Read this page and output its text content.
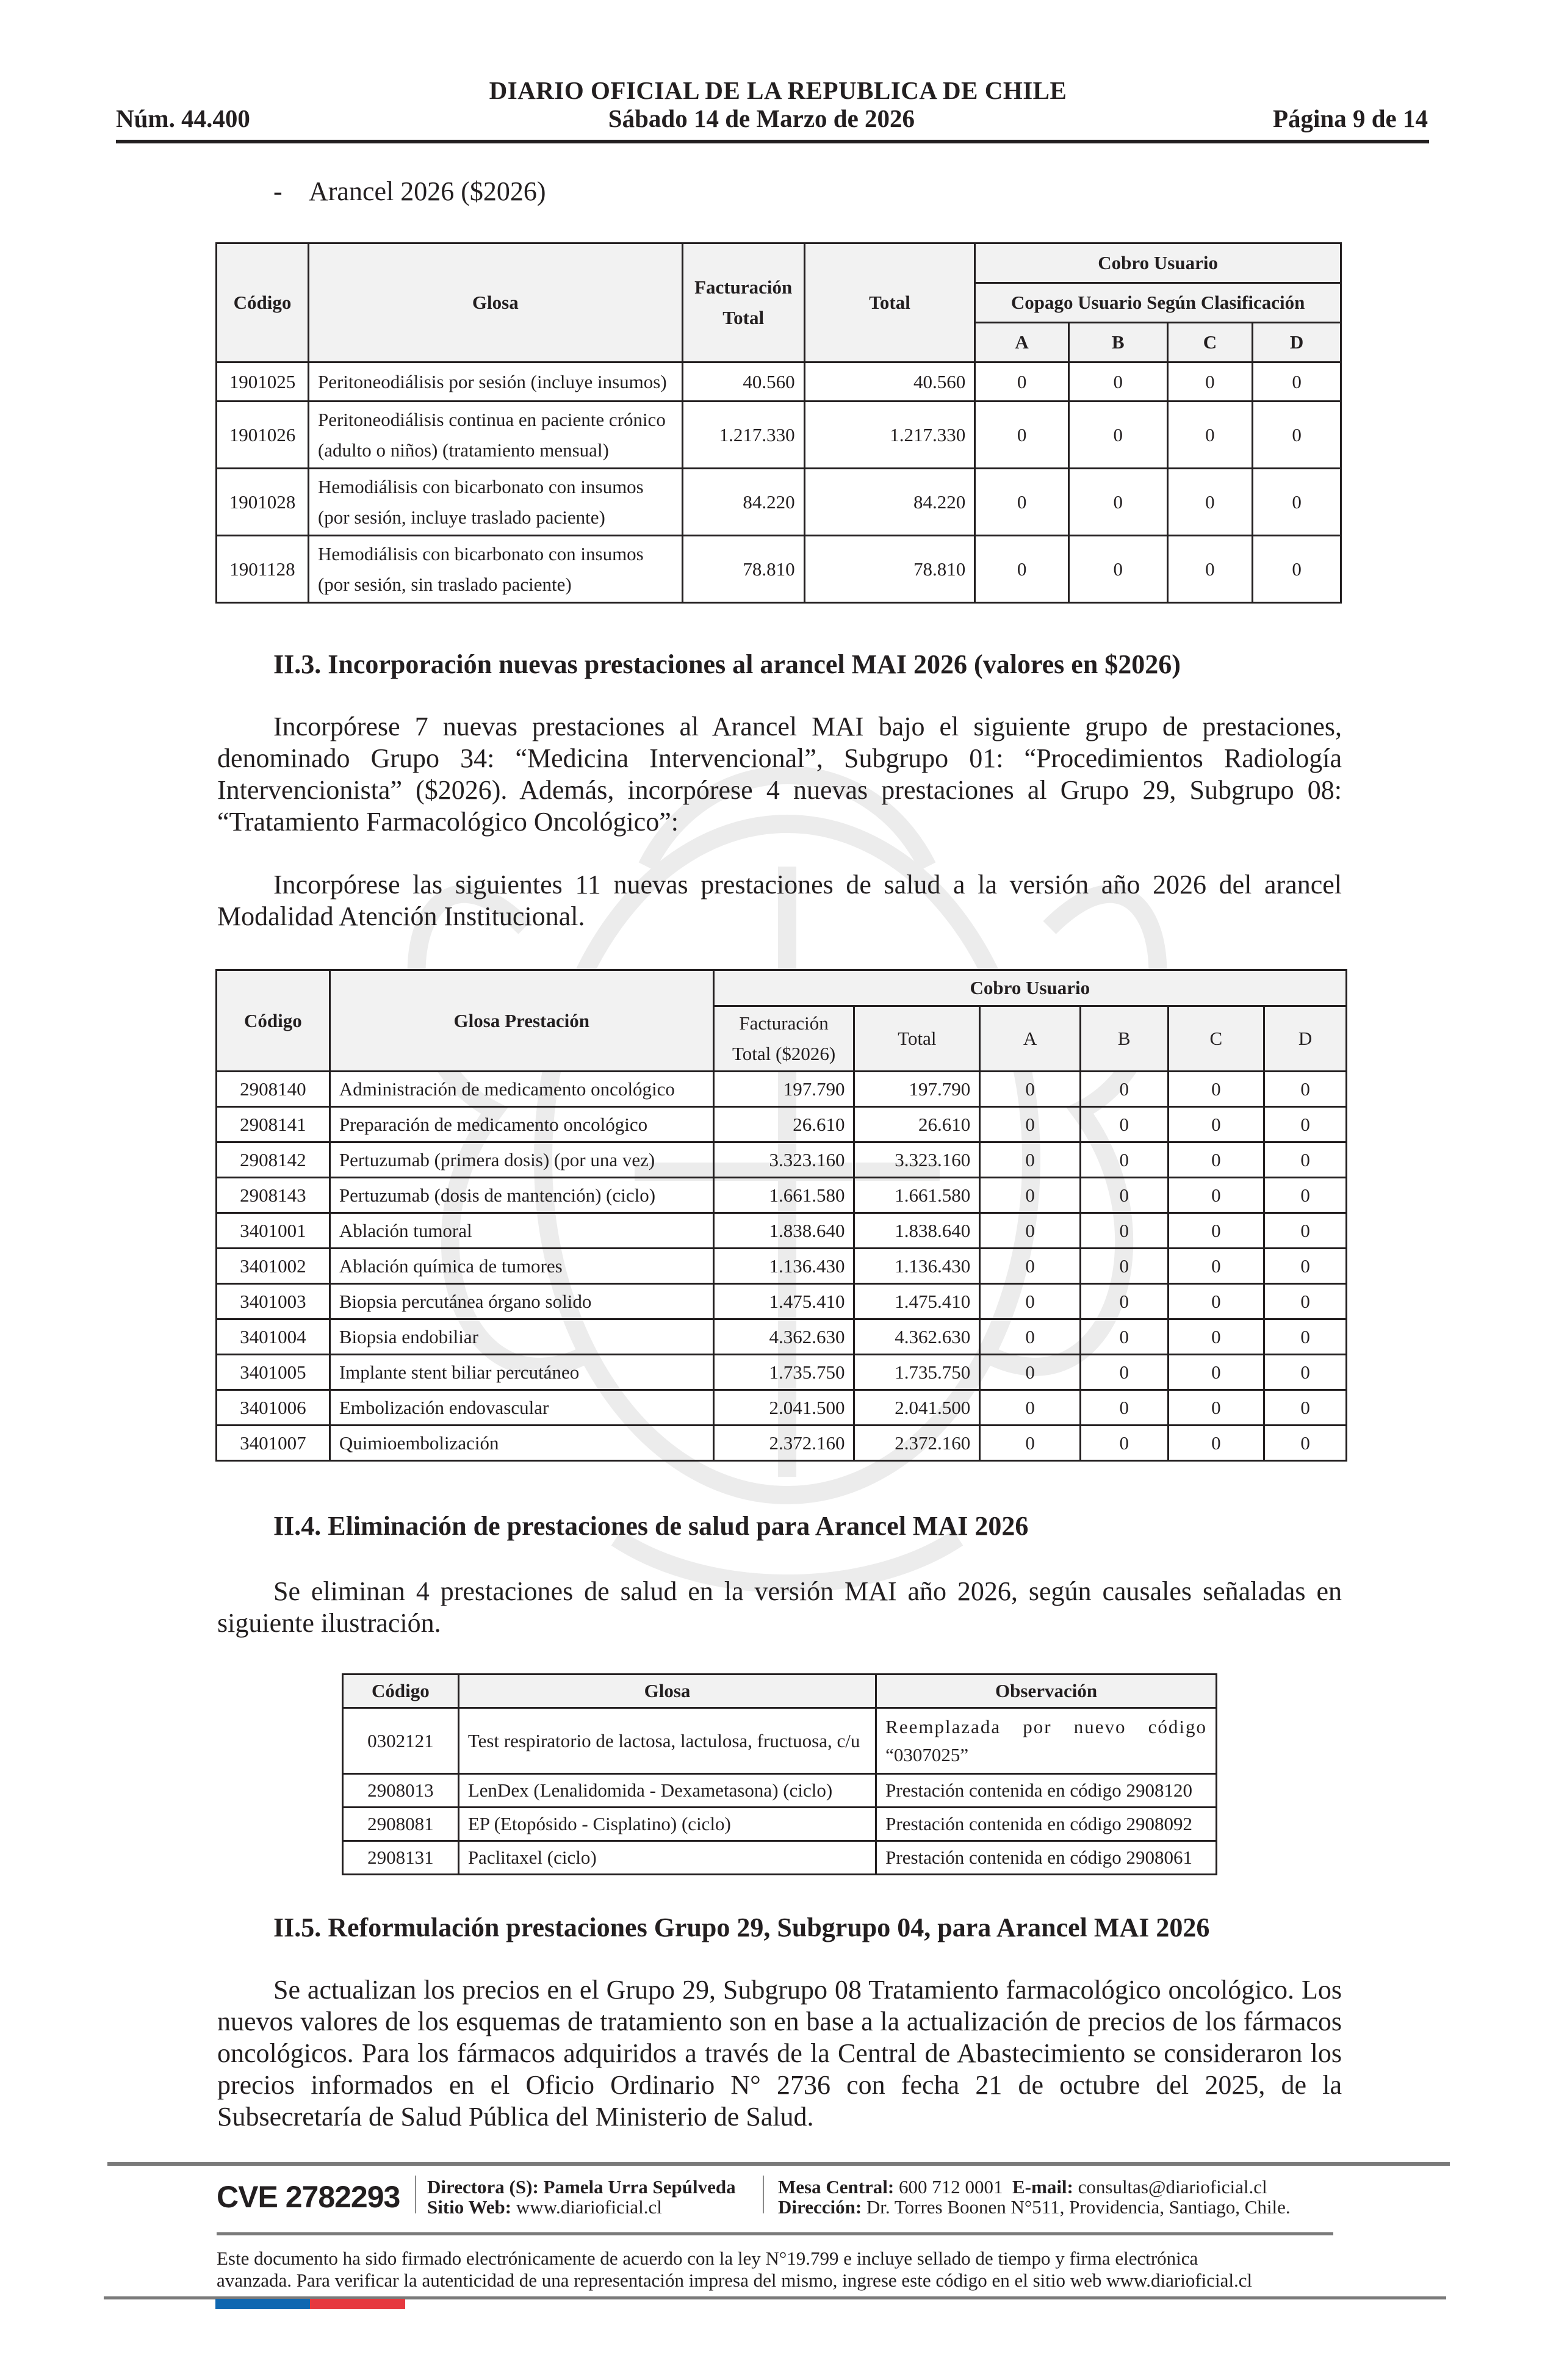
DIARIO OFICIAL DE LA REPUBLICA DE CHILE
Núm. 44.400	Sábado 14 de Marzo de 2026	Página 9 de 14
- Arancel 2026 ($2026)
Código	Glosa	Facturación Total	Total	Cobro Usuario			
				Copago Usuario Según Clasificación			
				A	B	C	D
1901025	Peritoneodiálisis por sesión (incluye insumos)	40.560	40.560	0	0	0	0
1901026	Peritoneodiálisis continua en paciente crónico (adulto o niños) (tratamiento mensual)	1.217.330	1.217.330	0	0	0	0
1901028	Hemodiálisis con bicarbonato con insumos (por sesión, incluye traslado paciente)	84.220	84.220	0	0	0	0
1901128	Hemodiálisis con bicarbonato con insumos (por sesión, sin traslado paciente)	78.810	78.810	0	0	0	0
II.3. Incorporación nuevas prestaciones al arancel MAI 2026 (valores en $2026)

Incorpórese 7 nuevas prestaciones al Arancel MAI bajo el siguiente grupo de prestaciones, denominado Grupo 34: “Medicina Intervencional”, Subgrupo 01: “Procedimientos Radiología Intervencionista” ($2026). Además, incorpórese 4 nuevas prestaciones al Grupo 29, Subgrupo 08: “Tratamiento Farmacológico Oncológico”:

Incorpórese las siguientes 11 nuevas prestaciones de salud a la versión año 2026 del arancel Modalidad Atención Institucional.

Código	Glosa Prestación	Cobro Usuario					
		Facturación Total ($2026)	Total	A	B	C	D
2908140	Administración de medicamento oncológico	197.790	197.790	0	0	0	0
2908141	Preparación de medicamento oncológico	26.610	26.610	0	0	0	0
2908142	Pertuzumab (primera dosis) (por una vez)	3.323.160	3.323.160	0	0	0	0
2908143	Pertuzumab (dosis de mantención) (ciclo)	1.661.580	1.661.580	0	0	0	0
3401001	Ablación tumoral	1.838.640	1.838.640	0	0	0	0
3401002	Ablación química de tumores	1.136.430	1.136.430	0	0	0	0
3401003	Biopsia percutánea órgano solido	1.475.410	1.475.410	0	0	0	0
3401004	Biopsia endobiliar	4.362.630	4.362.630	0	0	0	0
3401005	Implante stent biliar percutáneo	1.735.750	1.735.750	0	0	0	0
3401006	Embolización endovascular	2.041.500	2.041.500	0	0	0	0
3401007	Quimioembolización	2.372.160	2.372.160	0	0	0	0
II.4. Eliminación de prestaciones de salud para Arancel MAI 2026

Se eliminan 4 prestaciones de salud en la versión MAI año 2026, según causales señaladas en siguiente ilustración.

Código	Glosa	Observación
0302121	Test respiratorio de lactosa, lactulosa, fructuosa, c/u	Reemplazada por nuevo código
“0307025”

2908013	LenDex (Lenalidomida - Dexametasona) (ciclo)	Prestación contenida en código 2908120
2908081	EP (Etopósido - Cisplatino) (ciclo)	Prestación contenida en código 2908092
2908131	Paclitaxel (ciclo)	Prestación contenida en código 2908061
II.5. Reformulación prestaciones Grupo 29, Subgrupo 04, para Arancel MAI 2026

Se actualizan los precios en el Grupo 29, Subgrupo 08 Tratamiento farmacológico oncológico. Los nuevos valores de los esquemas de tratamiento son en base a la actualización de precios de los fármacos oncológicos. Para los fármacos adquiridos a través de la Central de Abastecimiento se consideraron los precios informados en el Oficio Ordinario N° 2736 con fecha 21 de octubre del 2025, de la Subsecretaría de Salud Pública del Ministerio de Salud.

CVE 2782293 Directora (S): Pamela Urra Sepúlveda
Sitio Web: www.diarioficial.cl
Mesa Central: 600 712 0001 E-mail: consultas@diarioficial.cl
Dirección: Dr. Torres Boonen N°511, Providencia, Santiago, Chile.
Este documento ha sido firmado electrónicamente de acuerdo con la ley N°19.799 e incluye sellado de tiempo y firma electrónica
avanzada. Para verificar la autenticidad de una representación impresa del mismo, ingrese este código en el sitio web www.diarioficial.cl
